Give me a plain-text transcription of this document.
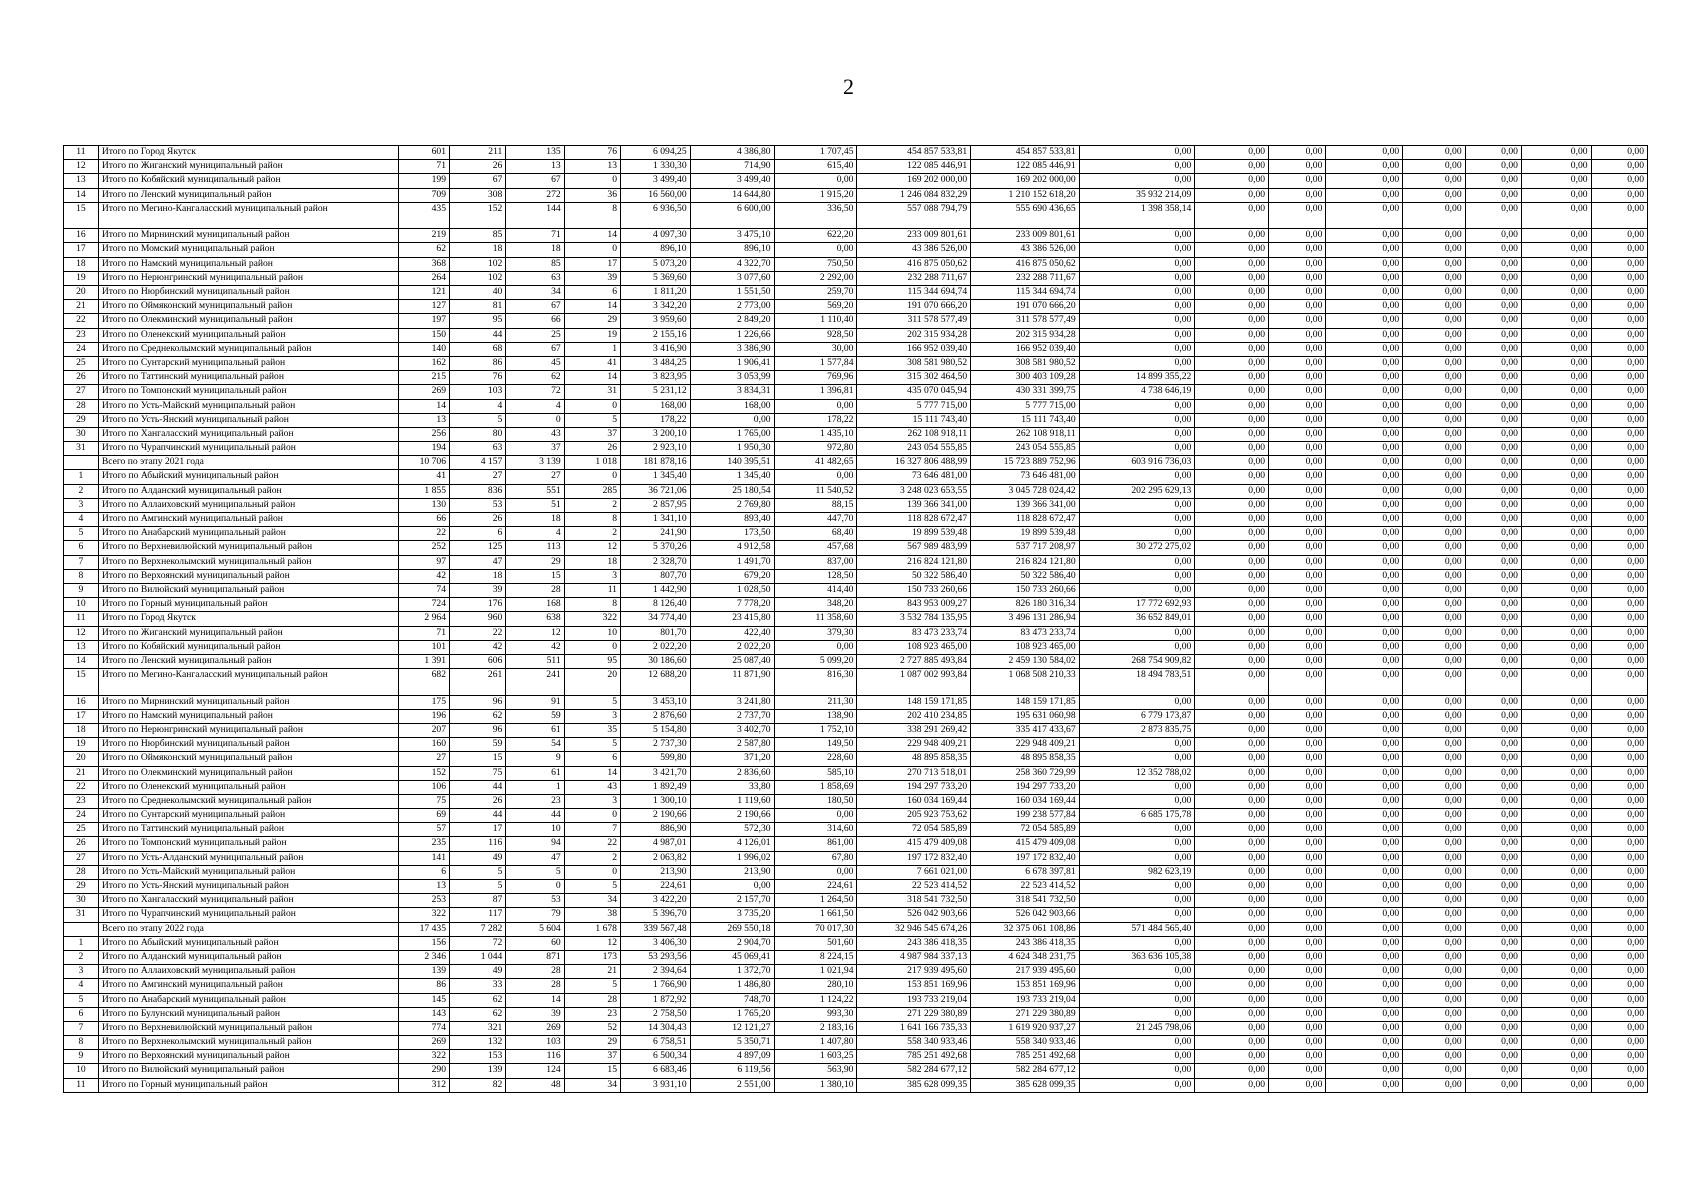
2
11	Итого по Город Якутск	601	211	135	76	6 094,25	4 386,80	1 707,45	454 857 533,81	454 857 533,81	0,00	0,00	0,00	0,00	0,00	0,00	0,00	0,00
12	Итого по Жиганский муниципальный район	71	26	13	13	1 330,30	714,90	615,40	122 085 446,91	122 085 446,91	0,00	0,00	0,00	0,00	0,00	0,00	0,00	0,00
13	Итого по Кобяйский муниципальный район	199	67	67	0	3 499,40	3 499,40	0,00	169 202 000,00	169 202 000,00	0,00	0,00	0,00	0,00	0,00	0,00	0,00	0,00
14	Итого по Ленский муниципальный район	709	308	272	36	16 560,00	14 644,80	1 915,20	1 246 084 832,29	1 210 152 618,20	35 932 214,09	0,00	0,00	0,00	0,00	0,00	0,00	0,00
15	Итого по Мегино-Кангаласский муниципальный район	435	152	144	8	6 936,50	6 600,00	336,50	557 088 794,79	555 690 436,65	1 398 358,14	0,00	0,00	0,00	0,00	0,00	0,00	0,00
16	Итого по Мирнинский муниципальный район	219	85	71	14	4 097,30	3 475,10	622,20	233 009 801,61	233 009 801,61	0,00	0,00	0,00	0,00	0,00	0,00	0,00	0,00
17	Итого по Момский муниципальный район	62	18	18	0	896,10	896,10	0,00	43 386 526,00	43 386 526,00	0,00	0,00	0,00	0,00	0,00	0,00	0,00	0,00
18	Итого по Намский муниципальный район	368	102	85	17	5 073,20	4 322,70	750,50	416 875 050,62	416 875 050,62	0,00	0,00	0,00	0,00	0,00	0,00	0,00	0,00
19	Итого по Нерюнгринский муниципальный район	264	102	63	39	5 369,60	3 077,60	2 292,00	232 288 711,67	232 288 711,67	0,00	0,00	0,00	0,00	0,00	0,00	0,00	0,00
20	Итого по Нюрбинский муниципальный район	121	40	34	6	1 811,20	1 551,50	259,70	115 344 694,74	115 344 694,74	0,00	0,00	0,00	0,00	0,00	0,00	0,00	0,00
21	Итого по Оймяконский муниципальный район	127	81	67	14	3 342,20	2 773,00	569,20	191 070 666,20	191 070 666,20	0,00	0,00	0,00	0,00	0,00	0,00	0,00	0,00
22	Итого по Олекминский муниципальный район	197	95	66	29	3 959,60	2 849,20	1 110,40	311 578 577,49	311 578 577,49	0,00	0,00	0,00	0,00	0,00	0,00	0,00	0,00
23	Итого по Оленекский муниципальный район	150	44	25	19	2 155,16	1 226,66	928,50	202 315 934,28	202 315 934,28	0,00	0,00	0,00	0,00	0,00	0,00	0,00	0,00
24	Итого по Среднеколымский муниципальный район	140	68	67	1	3 416,90	3 386,90	30,00	166 952 039,40	166 952 039,40	0,00	0,00	0,00	0,00	0,00	0,00	0,00	0,00
25	Итого по Сунтарский муниципальный район	162	86	45	41	3 484,25	1 906,41	1 577,84	308 581 980,52	308 581 980,52	0,00	0,00	0,00	0,00	0,00	0,00	0,00	0,00
26	Итого по Таттинский муниципальный район	215	76	62	14	3 823,95	3 053,99	769,96	315 302 464,50	300 403 109,28	14 899 355,22	0,00	0,00	0,00	0,00	0,00	0,00	0,00
27	Итого по Томпонский муниципальный район	269	103	72	31	5 231,12	3 834,31	1 396,81	435 070 045,94	430 331 399,75	4 738 646,19	0,00	0,00	0,00	0,00	0,00	0,00	0,00
28	Итого по Усть-Майский муниципальный район	14	4	4	0	168,00	168,00	0,00	5 777 715,00	5 777 715,00	0,00	0,00	0,00	0,00	0,00	0,00	0,00	0,00
29	Итого по Усть-Янский муниципальный район	13	5	0	5	178,22	0,00	178,22	15 111 743,40	15 111 743,40	0,00	0,00	0,00	0,00	0,00	0,00	0,00	0,00
30	Итого по Хангаласский муниципальный район	256	80	43	37	3 200,10	1 765,00	1 435,10	262 108 918,11	262 108 918,11	0,00	0,00	0,00	0,00	0,00	0,00	0,00	0,00
31	Итого по Чурапчинский муниципальный район	194	63	37	26	2 923,10	1 950,30	972,80	243 054 555,85	243 054 555,85	0,00	0,00	0,00	0,00	0,00	0,00	0,00	0,00
	Всего по этапу 2021 года	10 706	4 157	3 139	1 018	181 878,16	140 395,51	41 482,65	16 327 806 488,99	15 723 889 752,96	603 916 736,03	0,00	0,00	0,00	0,00	0,00	0,00	0,00
1	Итого по Абыйский муниципальный район	41	27	27	0	1 345,40	1 345,40	0,00	73 646 481,00	73 646 481,00	0,00	0,00	0,00	0,00	0,00	0,00	0,00	0,00
2	Итого по Алданский муниципальный район	1 855	836	551	285	36 721,06	25 180,54	11 540,52	3 248 023 653,55	3 045 728 024,42	202 295 629,13	0,00	0,00	0,00	0,00	0,00	0,00	0,00
3	Итого по Аллаиховский муниципальный район	130	53	51	2	2 857,95	2 769,80	88,15	139 366 341,00	139 366 341,00	0,00	0,00	0,00	0,00	0,00	0,00	0,00	0,00
4	Итого по Амгинский муниципальный район	66	26	18	8	1 341,10	893,40	447,70	118 828 672,47	118 828 672,47	0,00	0,00	0,00	0,00	0,00	0,00	0,00	0,00
5	Итого по Анабарский муниципальный район	22	6	4	2	241,90	173,50	68,40	19 899 539,48	19 899 539,48	0,00	0,00	0,00	0,00	0,00	0,00	0,00	0,00
6	Итого по Верхневилюйский муниципальный район	252	125	113	12	5 370,26	4 912,58	457,68	567 989 483,99	537 717 208,97	30 272 275,02	0,00	0,00	0,00	0,00	0,00	0,00	0,00
7	Итого по Верхнеколымский муниципальный район	97	47	29	18	2 328,70	1 491,70	837,00	216 824 121,80	216 824 121,80	0,00	0,00	0,00	0,00	0,00	0,00	0,00	0,00
8	Итого по Верхоянский муниципальный район	42	18	15	3	807,70	679,20	128,50	50 322 586,40	50 322 586,40	0,00	0,00	0,00	0,00	0,00	0,00	0,00	0,00
9	Итого по Вилюйский муниципальный район	74	39	28	11	1 442,90	1 028,50	414,40	150 733 260,66	150 733 260,66	0,00	0,00	0,00	0,00	0,00	0,00	0,00	0,00
10	Итого по Горный муниципальный район	724	176	168	8	8 126,40	7 778,20	348,20	843 953 009,27	826 180 316,34	17 772 692,93	0,00	0,00	0,00	0,00	0,00	0,00	0,00
11	Итого по Город Якутск	2 964	960	638	322	34 774,40	23 415,80	11 358,60	3 532 784 135,95	3 496 131 286,94	36 652 849,01	0,00	0,00	0,00	0,00	0,00	0,00	0,00
12	Итого по Жиганский муниципальный район	71	22	12	10	801,70	422,40	379,30	83 473 233,74	83 473 233,74	0,00	0,00	0,00	0,00	0,00	0,00	0,00	0,00
13	Итого по Кобяйский муниципальный район	101	42	42	0	2 022,20	2 022,20	0,00	108 923 465,00	108 923 465,00	0,00	0,00	0,00	0,00	0,00	0,00	0,00	0,00
14	Итого по Ленский муниципальный район	1 391	606	511	95	30 186,60	25 087,40	5 099,20	2 727 885 493,84	2 459 130 584,02	268 754 909,82	0,00	0,00	0,00	0,00	0,00	0,00	0,00
15	Итого по Мегино-Кангаласский муниципальный район	682	261	241	20	12 688,20	11 871,90	816,30	1 087 002 993,84	1 068 508 210,33	18 494 783,51	0,00	0,00	0,00	0,00	0,00	0,00	0,00
16	Итого по Мирнинский муниципальный район	175	96	91	5	3 453,10	3 241,80	211,30	148 159 171,85	148 159 171,85	0,00	0,00	0,00	0,00	0,00	0,00	0,00	0,00
17	Итого по Намский муниципальный район	196	62	59	3	2 876,60	2 737,70	138,90	202 410 234,85	195 631 060,98	6 779 173,87	0,00	0,00	0,00	0,00	0,00	0,00	0,00
18	Итого по Нерюнгринский муниципальный район	207	96	61	35	5 154,80	3 402,70	1 752,10	338 291 269,42	335 417 433,67	2 873 835,75	0,00	0,00	0,00	0,00	0,00	0,00	0,00
19	Итого по Нюрбинский муниципальный район	160	59	54	5	2 737,30	2 587,80	149,50	229 948 409,21	229 948 409,21	0,00	0,00	0,00	0,00	0,00	0,00	0,00	0,00
20	Итого по Оймяконский муниципальный район	27	15	9	6	599,80	371,20	228,60	48 895 858,35	48 895 858,35	0,00	0,00	0,00	0,00	0,00	0,00	0,00	0,00
21	Итого по Олекминский муниципальный район	152	75	61	14	3 421,70	2 836,60	585,10	270 713 518,01	258 360 729,99	12 352 788,02	0,00	0,00	0,00	0,00	0,00	0,00	0,00
22	Итого по Оленекский муниципальный район	106	44	1	43	1 892,49	33,80	1 858,69	194 297 733,20	194 297 733,20	0,00	0,00	0,00	0,00	0,00	0,00	0,00	0,00
23	Итого по Среднеколымский муниципальный район	75	26	23	3	1 300,10	1 119,60	180,50	160 034 169,44	160 034 169,44	0,00	0,00	0,00	0,00	0,00	0,00	0,00	0,00
24	Итого по Сунтарский муниципальный район	69	44	44	0	2 190,66	2 190,66	0,00	205 923 753,62	199 238 577,84	6 685 175,78	0,00	0,00	0,00	0,00	0,00	0,00	0,00
25	Итого по Таттинский муниципальный район	57	17	10	7	886,90	572,30	314,60	72 054 585,89	72 054 585,89	0,00	0,00	0,00	0,00	0,00	0,00	0,00	0,00
26	Итого по Томпонский муниципальный район	235	116	94	22	4 987,01	4 126,01	861,00	415 479 409,08	415 479 409,08	0,00	0,00	0,00	0,00	0,00	0,00	0,00	0,00
27	Итого по Усть-Алданский муниципальный район	141	49	47	2	2 063,82	1 996,02	67,80	197 172 832,40	197 172 832,40	0,00	0,00	0,00	0,00	0,00	0,00	0,00	0,00
28	Итого по Усть-Майский муниципальный район	6	5	5	0	213,90	213,90	0,00	7 661 021,00	6 678 397,81	982 623,19	0,00	0,00	0,00	0,00	0,00	0,00	0,00
29	Итого по Усть-Янский муниципальный район	13	5	0	5	224,61	0,00	224,61	22 523 414,52	22 523 414,52	0,00	0,00	0,00	0,00	0,00	0,00	0,00	0,00
30	Итого по Хангаласский муниципальный район	253	87	53	34	3 422,20	2 157,70	1 264,50	318 541 732,50	318 541 732,50	0,00	0,00	0,00	0,00	0,00	0,00	0,00	0,00
31	Итого по Чурапчинский муниципальный район	322	117	79	38	5 396,70	3 735,20	1 661,50	526 042 903,66	526 042 903,66	0,00	0,00	0,00	0,00	0,00	0,00	0,00	0,00
	Всего по этапу 2022 года	17 435	7 282	5 604	1 678	339 567,48	269 550,18	70 017,30	32 946 545 674,26	32 375 061 108,86	571 484 565,40	0,00	0,00	0,00	0,00	0,00	0,00	0,00
1	Итого по Абыйский муниципальный район	156	72	60	12	3 406,30	2 904,70	501,60	243 386 418,35	243 386 418,35	0,00	0,00	0,00	0,00	0,00	0,00	0,00	0,00
2	Итого по Алданский муниципальный район	2 346	1 044	871	173	53 293,56	45 069,41	8 224,15	4 987 984 337,13	4 624 348 231,75	363 636 105,38	0,00	0,00	0,00	0,00	0,00	0,00	0,00
3	Итого по Аллаиховский муниципальный район	139	49	28	21	2 394,64	1 372,70	1 021,94	217 939 495,60	217 939 495,60	0,00	0,00	0,00	0,00	0,00	0,00	0,00	0,00
4	Итого по Амгинский муниципальный район	86	33	28	5	1 766,90	1 486,80	280,10	153 851 169,96	153 851 169,96	0,00	0,00	0,00	0,00	0,00	0,00	0,00	0,00
5	Итого по Анабарский муниципальный район	145	62	14	28	1 872,92	748,70	1 124,22	193 733 219,04	193 733 219,04	0,00	0,00	0,00	0,00	0,00	0,00	0,00	0,00
6	Итого по Булунский муниципальный район	143	62	39	23	2 758,50	1 765,20	993,30	271 229 380,89	271 229 380,89	0,00	0,00	0,00	0,00	0,00	0,00	0,00	0,00
7	Итого по Верхневилюйский муниципальный район	774	321	269	52	14 304,43	12 121,27	2 183,16	1 641 166 735,33	1 619 920 937,27	21 245 798,06	0,00	0,00	0,00	0,00	0,00	0,00	0,00
8	Итого по Верхнеколымский муниципальный район	269	132	103	29	6 758,51	5 350,71	1 407,80	558 340 933,46	558 340 933,46	0,00	0,00	0,00	0,00	0,00	0,00	0,00	0,00
9	Итого по Верхоянский муниципальный район	322	153	116	37	6 500,34	4 897,09	1 603,25	785 251 492,68	785 251 492,68	0,00	0,00	0,00	0,00	0,00	0,00	0,00	0,00
10	Итого по Вилюйский муниципальный район	290	139	124	15	6 683,46	6 119,56	563,90	582 284 677,12	582 284 677,12	0,00	0,00	0,00	0,00	0,00	0,00	0,00	0,00
11	Итого по Горный муниципальный район	312	82	48	34	3 931,10	2 551,00	1 380,10	385 628 099,35	385 628 099,35	0,00	0,00	0,00	0,00	0,00	0,00	0,00	0,00
